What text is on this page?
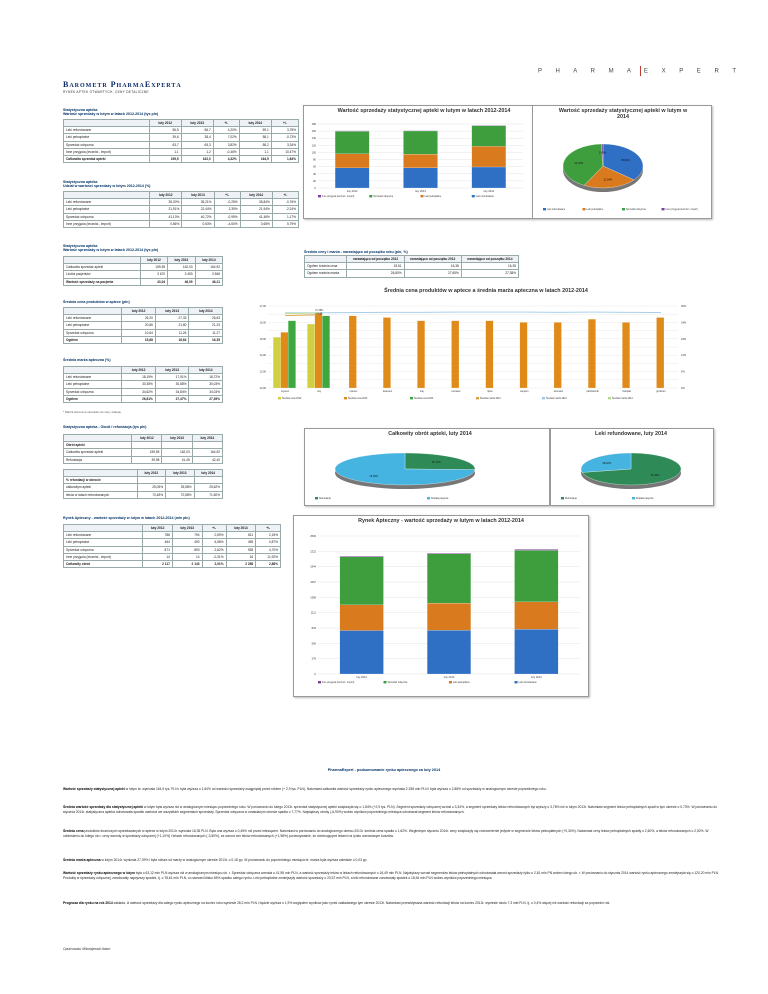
P H A R M A E X P E R T
Barometr PharmaExpertа
RYNEK APTEK OTWARTYCH, CENY DETALICZNE
Statystyczna apteka
Wartość sprzedaży w lutym w latach 2012-2014 (tys pln)
	luty 2012	luty 2013	+/-	luty 2014	+/-
Leki refundowane	56,5	56,7	4,20%	59,1	3,78%
Leki pełnopłatne	39,6	38,4	7,02%	58,1	-0,73%
Sprzedaż odręczna	63,7	65,3	3,82%	58,2	3,34%
Inne przyjęcia (lecznict., import)	1,1	1,2	-0,46%	1,1	10,47%
Całkowita sprzedaż apteki	159,5	162,0	4,32%	164,9	1,84%
Statystyczna apteka
Udział w wartości sprzedaży w lutym 2012-2014 (%)
	luty 2012	luty 2013	+/-	luty 2014	+/-
Leki refundowane	35,30%	35,21%	-0,25%	35,84%	-0,76%
Leki pełnopłatne	21,91%	22,44%	2,39%	21,94%	-2,24%
Sprzedaż odręczna	41,13%	40,72%	-0,95%	41,46%	1,17%
Inne przyjęcia (lecznict., import)	0,66%	0,63%	-4,60%	0,65%	5,79%
Wartość sprzedaży statystycznej apteki w lutym w latach 2012-2014
0
20
40
60
80
100
120
140
160
180
luty 2012	luty 2013	luty 2014
Inne przyjęcia (lecznict., import)	Sprzedaż odręczna	Leki pełnopłatne	Leki refundowane
Wartość sprzedaży statystycznej apteki w lutym w 2014
35,84%
21,94%
41,46%
0,65%
Leki refundowane	Leki pełnopłatne	Sprzedaż odręczna	Inne przyjęcia (lecznict., import)
Statystyczna apteka
Wartość sprzedaży w lutym w latach 2012-2014 (tys pln)
	luty 2012	luty 2013	luty 2014
Całkowita sprzedaż apteki	159,55	162,03	164,92
Liczba pacjentów	3 670	3 453	3 566
Wartość sprzedaży na pacjenta	43,04	46,99	46,21
Średnia ceny i marża - narastająco od początku roku (pln, %)
	narastająco od początku 2012	narastająco od początku 2013	narastająco od początku 2014
Ogółem średnia cena	15,61	16,38	16,35
Ogółem średnia marża	26,80%	27,65%	27,38%
Średnia cena produktów w aptece (pln)
	luty 2012	luty 2013	luty 2014
Leki refundowane	26,20	27,33	26,63
Leki pełnopłatne	20,86	21,80	21,23
Sprzedaż odręczna	10,64	11,26	11,27
Ogółem	15,88	16,64	16,35
Średnia marża apteczna (%)
	luty 2012	luty 2013	luty 2014
Leki refundowane	18,19%	17,91%	18,72%
Leki pełnopłatne	30,35%	30,88%	30,03%
Sprzedaż odręczna	34,62%	34,84%	34,03%
Ogółem	26,81%	27,47%	27,39%
* Marża liczona w stosunku do ceny zakupu
Średnia cena produktów w aptece a średnia marża apteczna w latach 2012-2014
12,00	0%
13,00	6%
14,00	12%
15,00	18%
16,00	24%
17,00	30%
styczeń	luty	marzec	kwiecień	maj	czerwiec	lipiec	sierpień	wrzesień	październik	listopad	grudzień
16,35
27,38%
Średnia cena 2012	Średnia cena 2013	Średnia cena 2014	Średnia marża 2012	Średnia marża 2013	Średnia marża 2014
Statystyczna apteka - Obrót i refundacja (tys pln)
	luty 2012	luty 2013	luty 2014
Obrót apteki			
Całkowita sprzedaż apteki	159,55	162,03	164,92
Refundacja	39,98	41,45	42,40
	luty 2012	luty 2013	luty 2014
% refundacji w obrocie			
całkowitym apteki	25,05%	25,58%	25,62%
leków w latach refundowanych	70,48%	70,58%	71,60%
Całkowity obrót apteki, luty 2014
25,71%
74,29%
Refundacja	Dopłata pacjenta
Leki refundowane, luty 2014
71,60%
28,40%
Refundacja	Dopłata pacjenta
Rynek Apteczny - wartość sprzedaży w lutym w latach 2012-2014 (mln pln)
	luty 2012	luty 2013	+/-	luty 2014	+/-
Leki refundowane	788	794	0,59%	811	2,15%
Leki pełnopłatne	464	490	6,58%	495	0,87%
Sprzedaż odręczna	871	893	2,62%	935	4,70%
Inne przyjęcia (lecznict., import)	14	14	-0,31%	16	11,92%
Całkowity obrót	2 117	2 143	2,01%	2 258	2,88%
Rynek Apteczny - wartość sprzedaży w lutym w latach 2012-2014
0
278
556
833
1111
1389
1667
1944
2222
2500
luty 2012	luty 2013	luty 2014
Inne przyjęcia (lecznict., import)	Sprzedaż odręczna	Leki pełnopłatne	Leki refundowane
PharmaExpert - podsumowanie rynku aptecznego za luty 2014
Wartość sprzedaży statystycznej apteki w lutym br. wyniosła 164,9 tys. PLN i była wyższa o 1,84% od wartości sprzedaży osiągniętej przed rokiem (+ 2,9 tys. PLN). Natomiast całkowita wartość sprzedaży rynku aptecznego wyniosła 2 258 mln PLN i była wyższa o 2,88% od sprzedaży w analogicznym okresie poprzedniego roku.
Średnia wartość sprzedaży dla statystycznej apteki w lutym była wyższa niż w analogicznym miesiącu poprzedniego roku. W porównaniu do lutego 2013r. sprzedaż statystycznej apteki zwiększyła się o 1,84% (+2,9 tys. PLN). Segment sprzedaży odręcznej wzrósł o 3,34%, a segment sprzedaży leków refundowanych był wyższy o 3,78% niż w lutym 2013r. Natomiast segment leków pełnopłatnych spadł w tym okresie o 0,73%. W porównaniu do stycznia 2014r. statystyczna apteka odnotowała spadek wartości we wszystkich segmentach sprzedaży. Sprzedaż odręczna w omawianym okresie spadła o 7,77%. Największy obroty (-6,90%) wobec wyników poprzedniego miesiąca odnotował segment leków refundowanych.
Średnia cena produktów leczniczych sprzedawanych w aptece w lutym 2014r. wyniosła 16,35 PLN. Była ona wyższa o 0,45% niż przed miesiącem. Natomiast w porównaniu do analogicznego okresu 2013r. średnia cena spadła o 1,62%. Wzglednym styczniu 2014r. ceny zwiększyły się równomiernie jedynie w segmencie leków pełnopłatnych (+0,34%). Natomiast ceny leków pełnopłatnych spadły o 2,60%, a leków refundowanych o 2,52%. W odniesieniu do lutego ub.r. ceny wzrosły w sprzedaży odręcznej (+1,10%) i lekach refundowanych (-3,50%), za wzrost cen leków refundowanych (+1,98%) porównywalnie, że dominującymi lekami na rynku wzrostowym kosztów.
Średnia marża apteczna w lutym 2014r. wyniosła 27,39% i była niższa od marży w analogicznym okresie 2013r. o 0,18 pp. W porównaniu do poprzedniego miesiąca br. marża była wyższa zaledwie o 0,03 pp.
Wartość sprzedaży rynku aptecznego w lutym była o 63,12 mln PLN wyższa niż w analogicznym miesiącu ub. r. Sprzedaż odręczna wzrosła o 41,98 mln PLN, a wartość sprzedaży leków w lekach refundowanych o 16,49 mln PLN. Największy wzrost segmentów leków pełnopłatnych odnotowała wzrost sprzedaży tylko o 2,81 mln PN wobec lutego ub. r. W porównaniu do stycznia 2014 wartość rynku aptecznego zmniejszyła się o 120,20 mln PLN. Produkty w sprzedaży odręcznej, zanotowały najwyższy spadek, tj. o 78,61 mln PLN, co stanowi blisko 65% spadku całego rynku. Leki pełnopłatne zmniejszyły wartość sprzedaży o 23,57 mln PLN, a leki refundowane zanotowały spadek o 18,54 mln PLN wobec wyników poprzedniego miesiąca.
Prognoza dla rynku na rok 2014 zakłada, iż wartość sprzedaży dla całego rynku aptecznego na koniec roku wyniesie 28,2 mln PLN i będzie wyższa o 1,9% względem wyników jako rynek zakładanego tym okresie 2013r. Natomiast przewidywana wartość refundacji leków na koniec 2013r. wyniesie około 7,3 mld PLN, tj. o 0,4% więcej niż wartość refundacji za poprzedni rok.
Opracowała: Mikołajewski Adam
